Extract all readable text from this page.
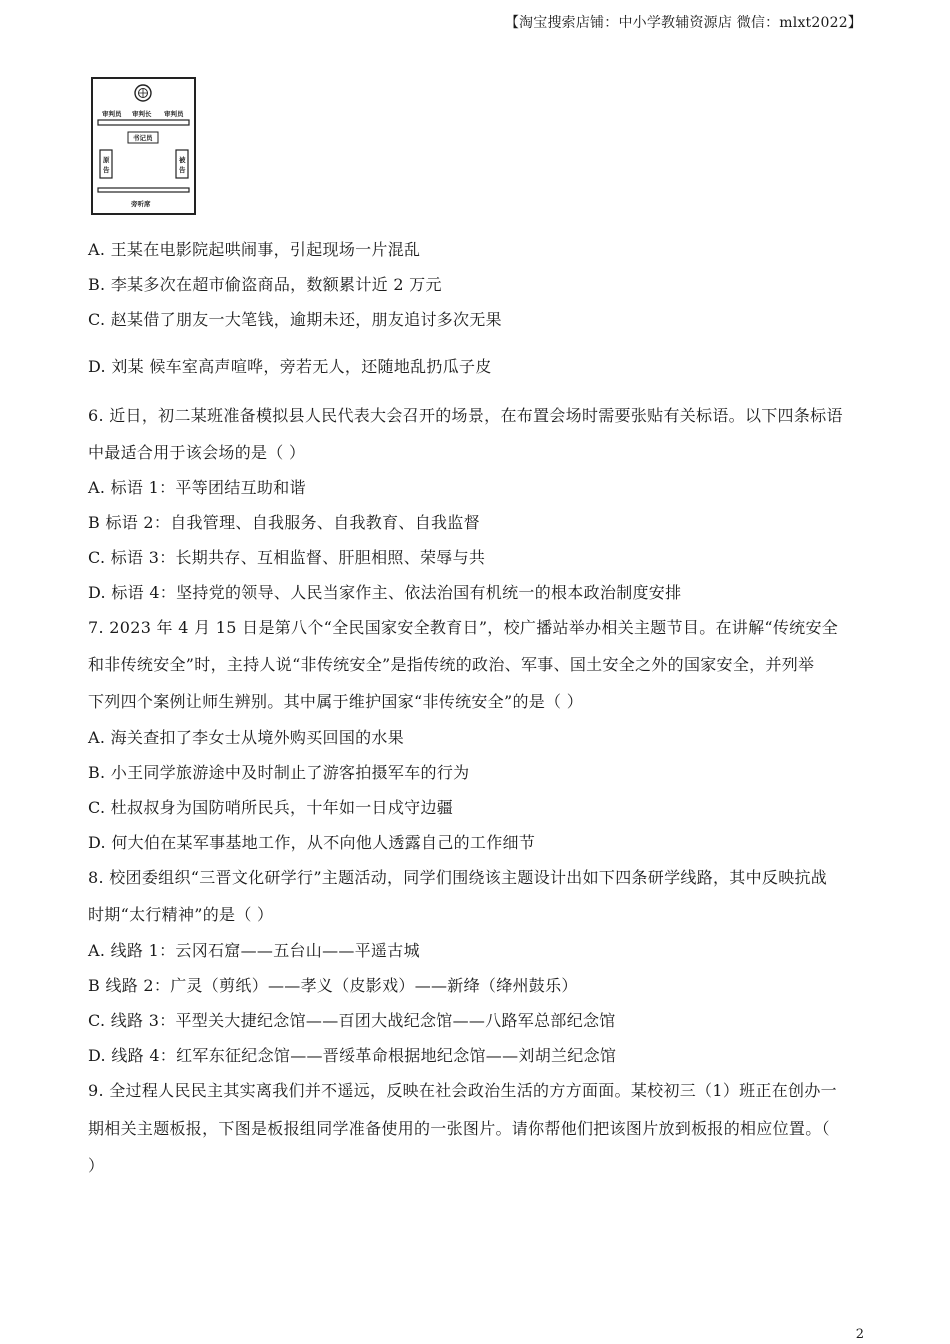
【淘宝搜索店铺：中小学教辅资源店 微信：mlxt2022】
审判员 审判长 审判员
书记员
原
告
被
告
旁听席
A. 王某在电影院起哄闹事，引起现场一片混乱
B. 李某多次在超市偷盗商品，数额累计近 2 万元
C. 赵某借了朋友一大笔钱，逾期未还，朋友追讨多次无果
D. 刘某 候车室高声喧哗，旁若无人，还随地乱扔瓜子皮
6. 近日，初二某班准备模拟县人民代表大会召开的场景，在布置会场时需要张贴有关标语。以下四条标语
中最适合用于该会场的是（ ）
A. 标语 1：平等团结互助和谐
B 标语 2：自我管理、自我服务、自我教育、自我监督
C. 标语 3：长期共存、互相监督、肝胆相照、荣辱与共
D. 标语 4：坚持党的领导、人民当家作主、依法治国有机统一的根本政治制度安排
7. 2023 年 4 月 15 日是第八个“全民国家安全教育日”，校广播站举办相关主题节目。在讲解“传统安全
和非传统安全”时，主持人说“非传统安全”是指传统的政治、军事、国土安全之外的国家安全，并列举
下列四个案例让师生辨别。其中属于维护国家“非传统安全”的是（ ）
A. 海关查扣了李女士从境外购买回国的水果
B. 小王同学旅游途中及时制止了游客拍摄军车的行为
C. 杜叔叔身为国防哨所民兵，十年如一日戍守边疆
D. 何大伯在某军事基地工作，从不向他人透露自己的工作细节
8. 校团委组织“三晋文化研学行”主题活动，同学们围绕该主题设计出如下四条研学线路，其中反映抗战
时期“太行精神”的是（ ）
A. 线路 1：云冈石窟——五台山——平遥古城
B 线路 2：广灵（剪纸）——孝义（皮影戏）——新绛（绛州鼓乐）
C. 线路 3：平型关大捷纪念馆——百团大战纪念馆——八路军总部纪念馆
D. 线路 4：红军东征纪念馆——晋绥革命根据地纪念馆——刘胡兰纪念馆
9. 全过程人民民主其实离我们并不遥远，反映在社会政治生活的方方面面。某校初三（1）班正在创办一
期相关主题板报，下图是板报组同学准备使用的一张图片。请你帮他们把该图片放到板报的相应位置。（
）
2
